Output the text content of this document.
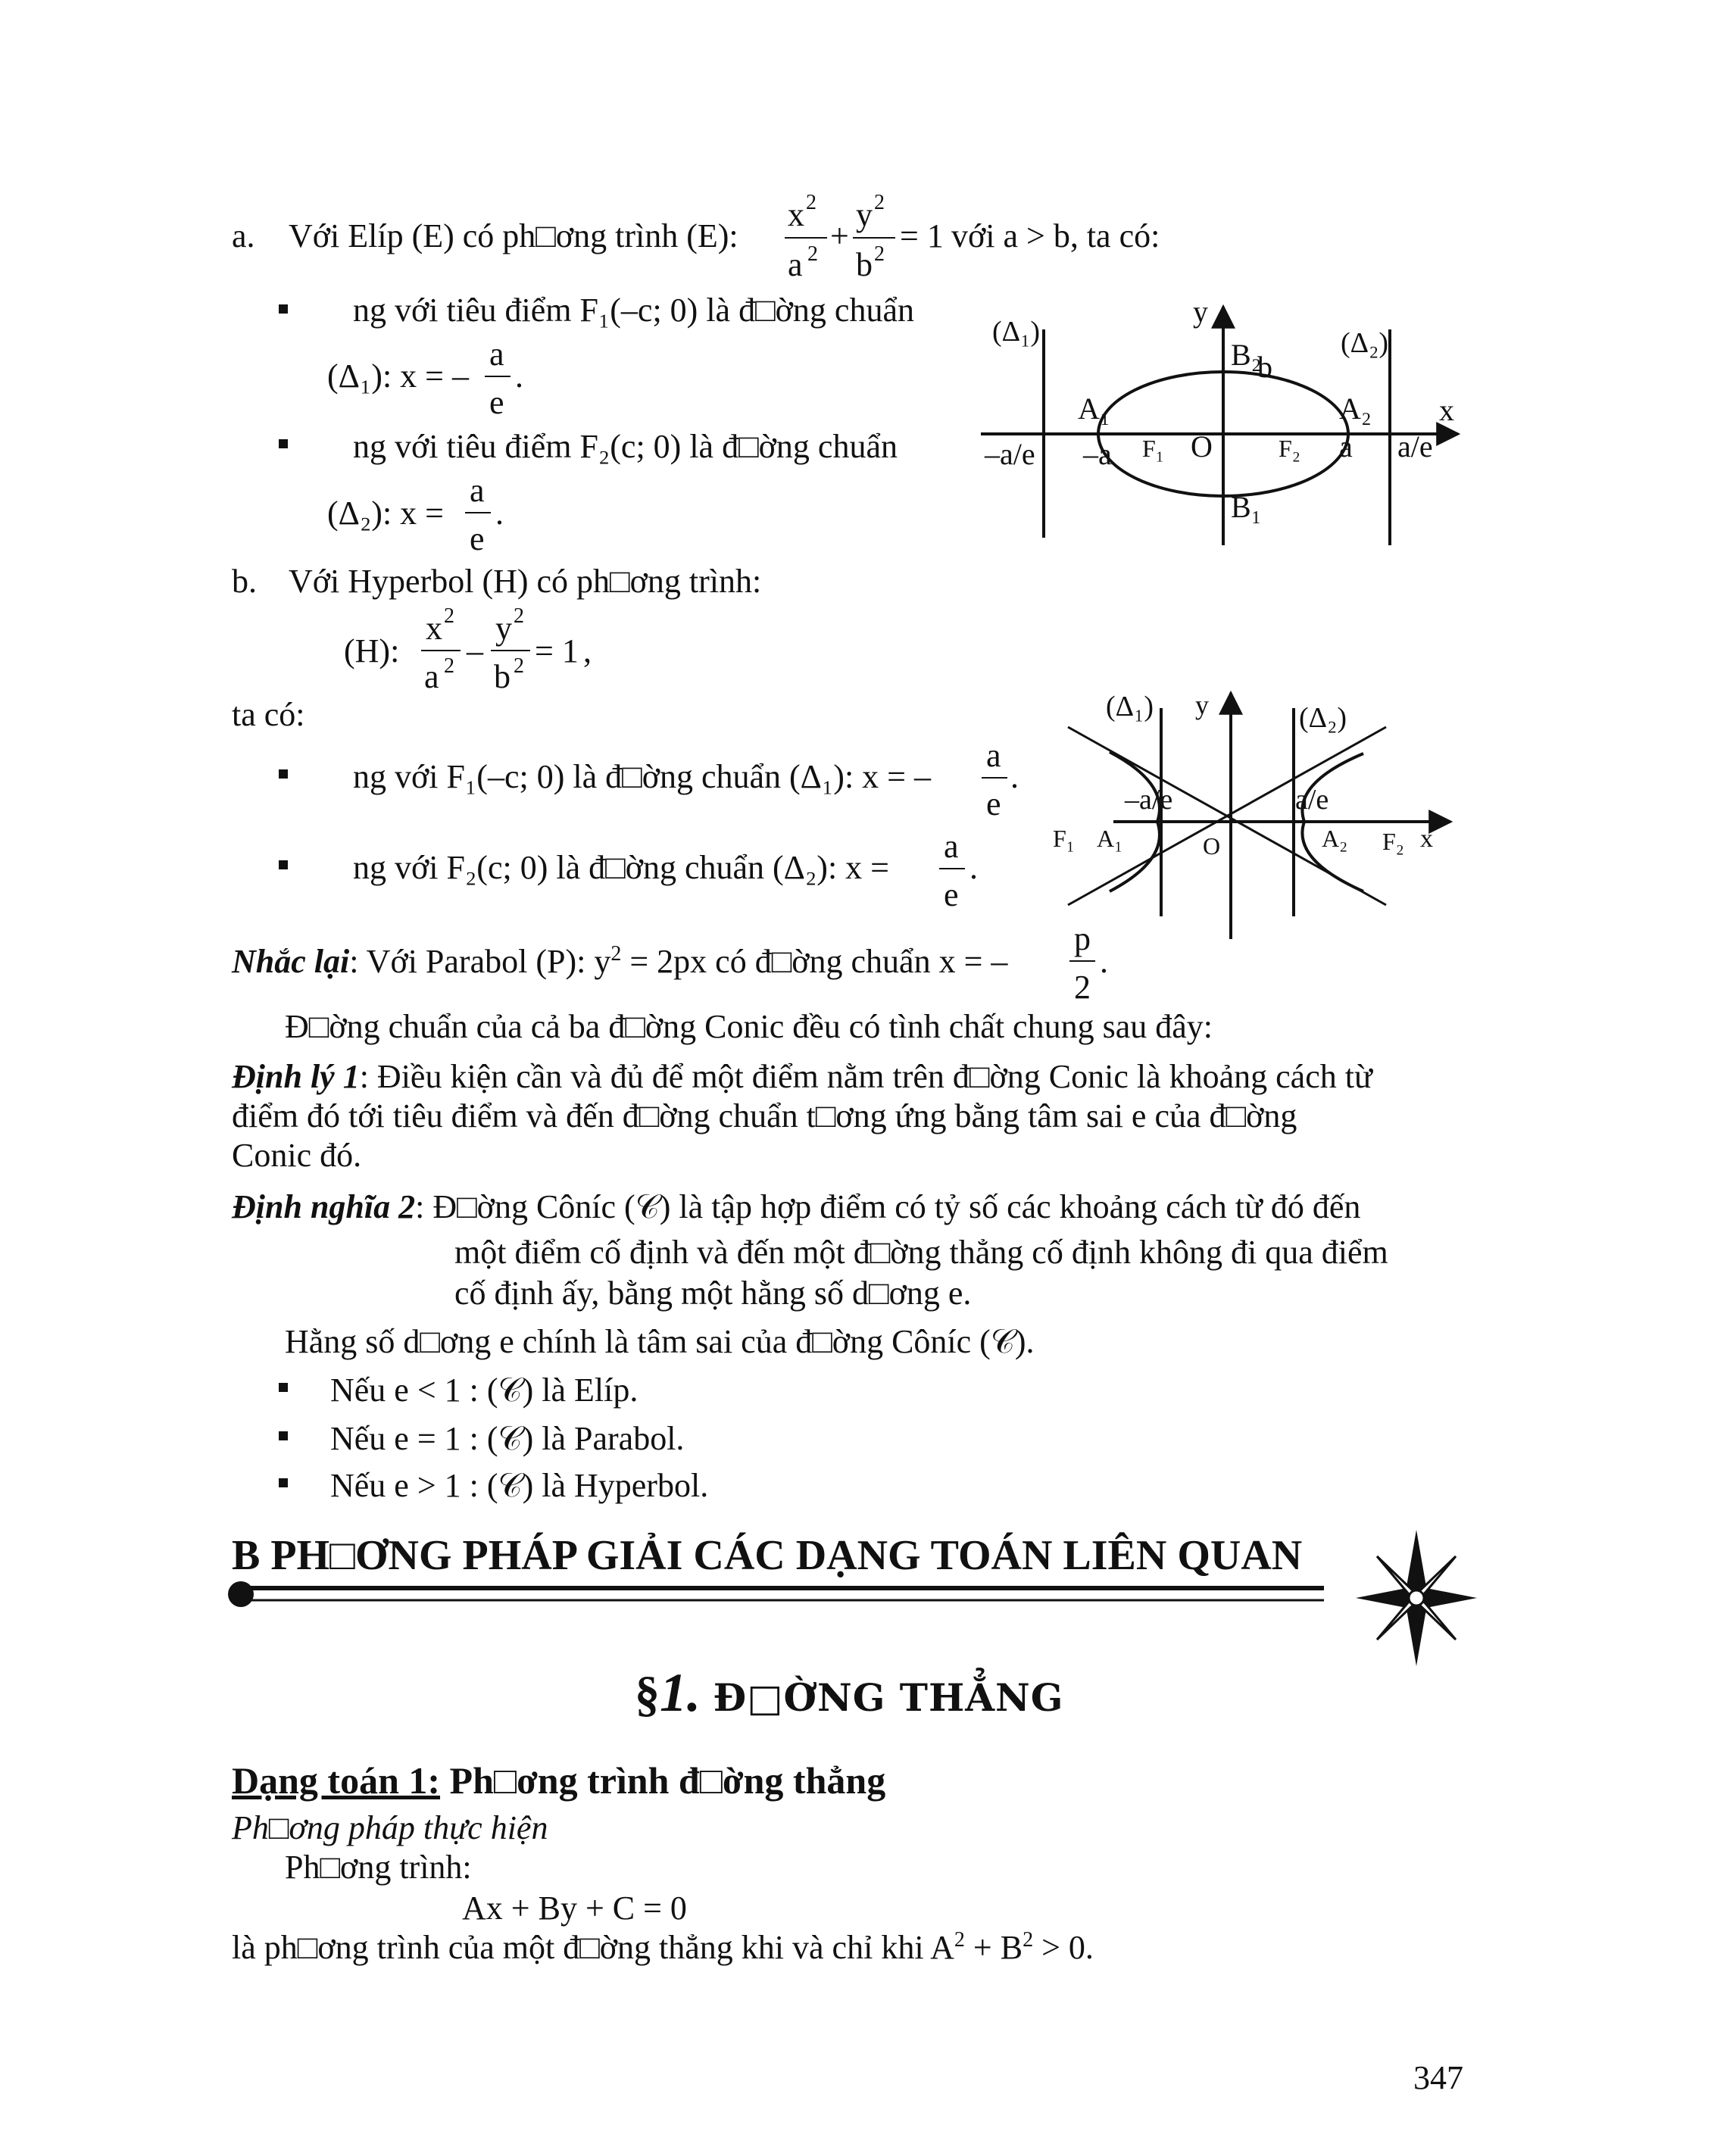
a. Với Elíp (E) có ph□ơng trình (E):
x 2
a 2 +
y 2
b 2 = 1 với a > b, ta có:
ng với tiêu điểm F₁(–c; 0) là đ□ờng chuẩn
(Δ₁): x = –
a
e
.
ng với tiêu điểm F₂(c; 0) là đ□ờng chuẩn
(Δ₂): x =
a
e
.
y
(Δ₁)	(Δ₂)
B₂
b
x
A₁	A₂
–a/e –a F₁ O	F₂ a a/e
B₁
b. Với Hyperbol (H) có ph□ơng trình:
(H):
x 2
a 2 –
y 2
b 2 = 1 ,
ta có:
ng với F₁(–c; 0) là đ□ờng chuẩn (Δ₁): x = –
a
e
.
ng với F₂(c; 0) là đ□ờng chuẩn (Δ₂): x =
a
e
.
(Δ₁) y	(Δ₂)
–a/e	a/e
F₁ A₁	O	A₂ F₂ x
Nhắc lại: Với Parabol (P): $y^2 = 2px$ có đ□ờng chuẩn x = –
p
2
.
Đ□ờng chuẩn của cả ba đ□ờng Conic đều có tình chất chung sau đây:
Định lý 1: Điều kiện cần và đủ để một điểm nằm trên đ□ờng Conic là khoảng cách từ
điểm đó tới tiêu điểm và đến đ□ờng chuẩn t□ơng ứng bằng tâm sai e của đ□ờng
Conic đó.
Định nghĩa 2: Đ□ờng Côníc (𝒞) là tập hợp điểm có tỷ số các khoảng cách từ đó đến
một điểm cố định và đến một đ□ờng thẳng cố định không đi qua điểm
cố định ấy, bằng một hằng số d□ơng e.
Hằng số d□ơng e chính là tâm sai của đ□ờng Côníc (𝒞).
Nếu e < 1 : (𝒞) là Elíp.
Nếu e = 1 : (𝒞) là Parabol.
Nếu e > 1 : (𝒞) là Hyperbol.
B PH□ƠNG PHÁP GIẢI CÁC DẠNG TOÁN LIÊN QUAN
§1. Đ□ỜNG THẲNG
Dạng toán 1: Ph□ơng trình đ□ờng thẳng
Ph□ơng pháp thực hiện
Ph□ơng trình:
Ax + By + C = 0
là ph□ơng trình của một đ□ờng thẳng khi và chỉ khi $A^2 + B^2 > 0$.
347
